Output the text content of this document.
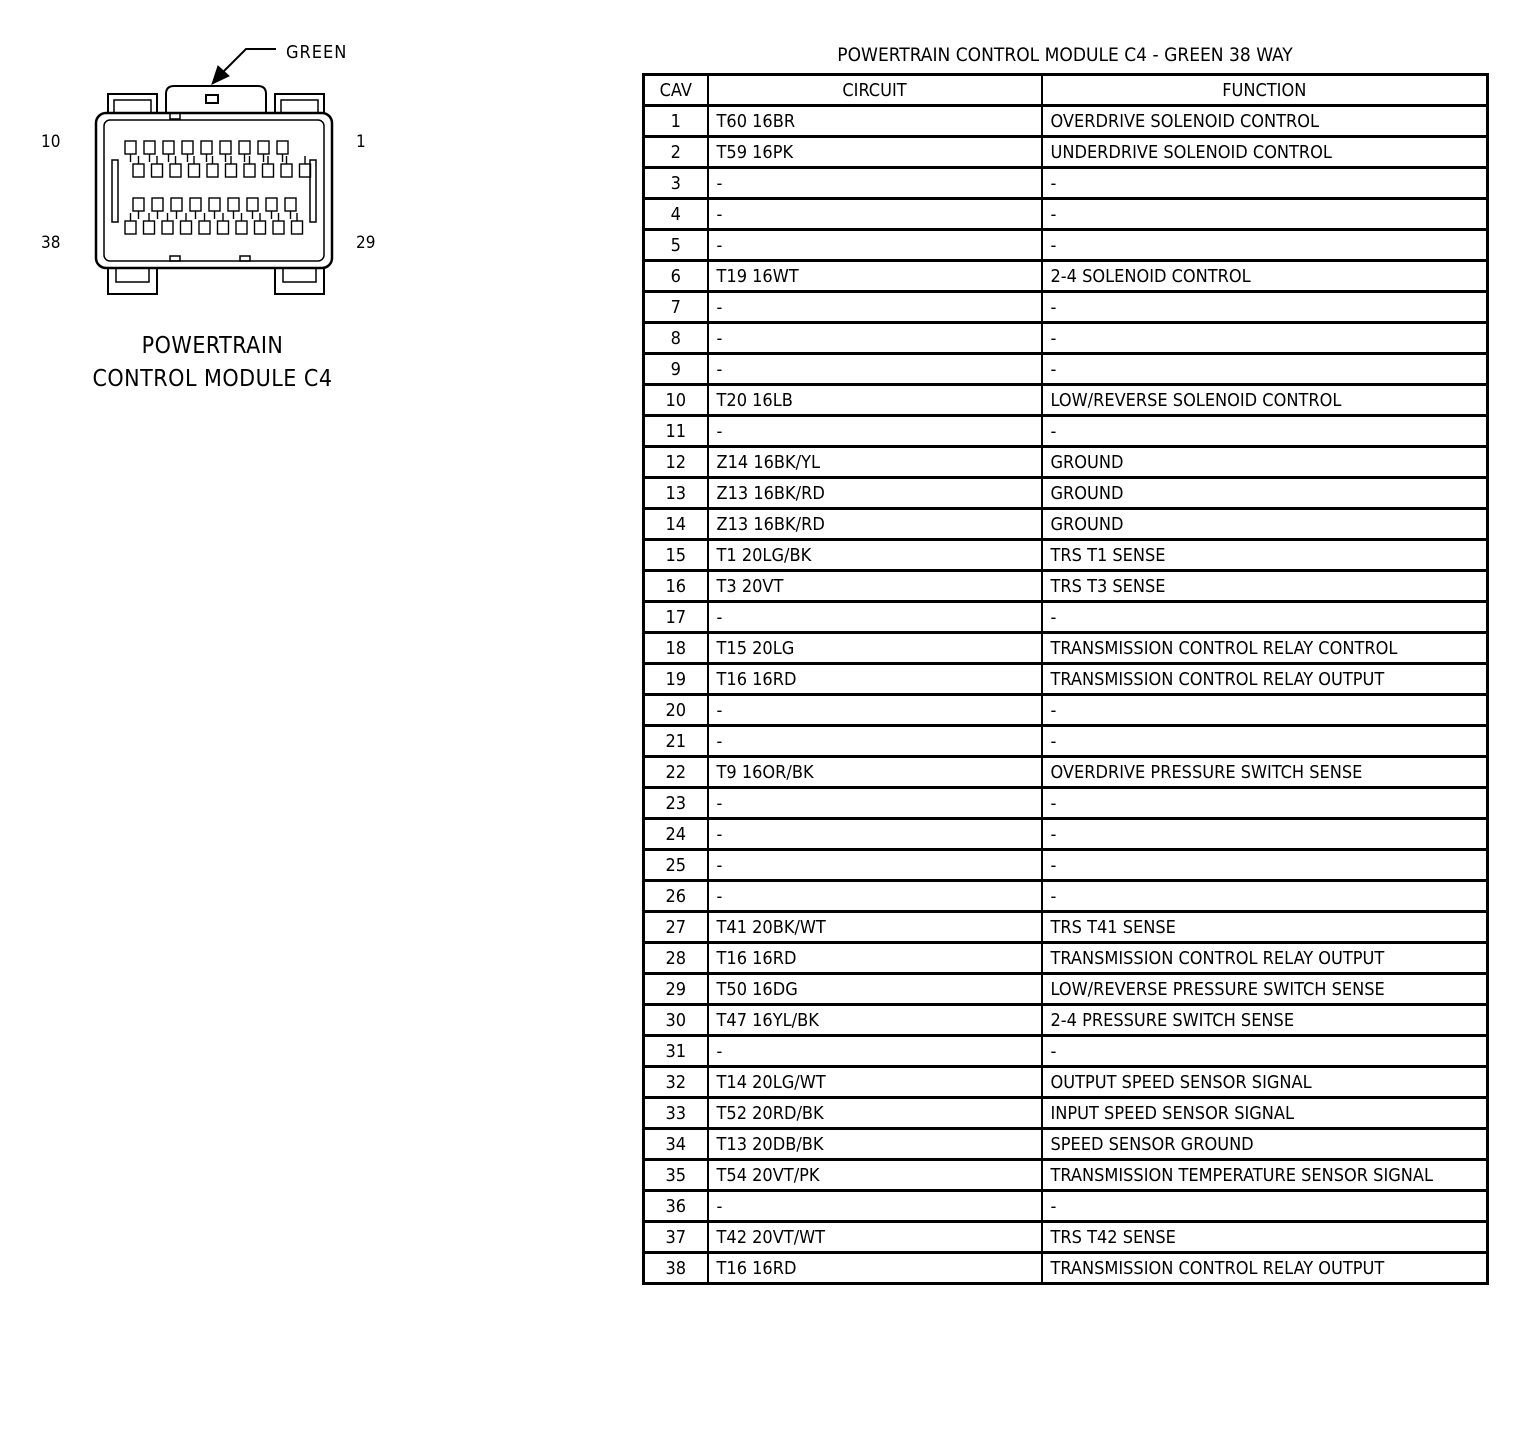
GREEN
10	1
38	29
POWERTRAIN
CONTROL MODULE C4
POWERTRAIN CONTROL MODULE C4 - GREEN 38 WAY
CAV	CIRCUIT	FUNCTION
1	T60 16BR	OVERDRIVE SOLENOID CONTROL
2	T59 16PK	UNDERDRIVE SOLENOID CONTROL
3	-	-
4	-	-
5	-	-
6	T19 16WT	2-4 SOLENOID CONTROL
7	-	-
8	-	-
9	-	-
10	T20 16LB	LOW/REVERSE SOLENOID CONTROL
11	-	-
12	Z14 16BK/YL	GROUND
13	Z13 16BK/RD	GROUND
14	Z13 16BK/RD	GROUND
15	T1 20LG/BK	TRS T1 SENSE
16	T3 20VT	TRS T3 SENSE
17	-	-
18	T15 20LG	TRANSMISSION CONTROL RELAY CONTROL
19	T16 16RD	TRANSMISSION CONTROL RELAY OUTPUT
20	-	-
21	-	-
22	T9 16OR/BK	OVERDRIVE PRESSURE SWITCH SENSE
23	-	-
24	-	-
25	-	-
26	-	-
27	T41 20BK/WT	TRS T41 SENSE
28	T16 16RD	TRANSMISSION CONTROL RELAY OUTPUT
29	T50 16DG	LOW/REVERSE PRESSURE SWITCH SENSE
30	T47 16YL/BK	2-4 PRESSURE SWITCH SENSE
31	-	-
32	T14 20LG/WT	OUTPUT SPEED SENSOR SIGNAL
33	T52 20RD/BK	INPUT SPEED SENSOR SIGNAL
34	T13 20DB/BK	SPEED SENSOR GROUND
35	T54 20VT/PK	TRANSMISSION TEMPERATURE SENSOR SIGNAL
36	-	-
37	T42 20VT/WT	TRS T42 SENSE
38	T16 16RD	TRANSMISSION CONTROL RELAY OUTPUT
